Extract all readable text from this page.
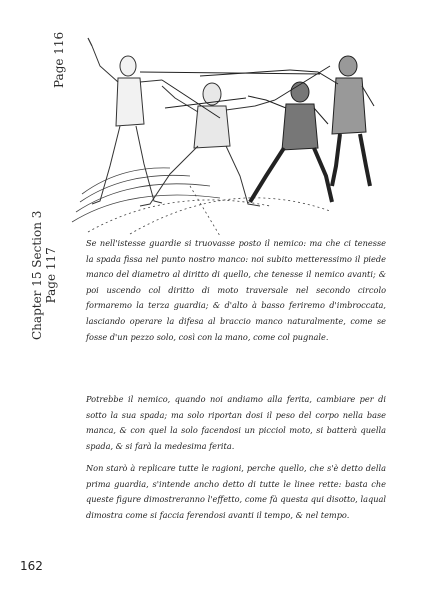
Page 116
Chapter 15 Section 3 Page 117

Se nell'istesse guardie si truovasse posto il nemico: ma che ci tenesse la spada fissa nel punto nostro manco: noi subito metteressimo il piede manco del diametro al diritto di quello, che tenesse il nemico avanti; & poi uscendo col diritto di moto traversale nel secondo circolo formaremo la terza guardia; & d'alto à basso feriremo d'imbroccata, lasciando operare la difesa al braccio manco naturalmente, come se fosse d'un pezzo solo, così con la mano, come col pugnale.

Potrebbe il nemico, quando noi andiamo alla ferita, cambiare per di sotto la sua spada; ma solo riportan dosi il peso del corpo nella base manca, & con quel la solo facendosi un picciol moto, si batterà quella spada, & si farà la medesima ferita.

Non starò à replicare tutte le ragioni, perche quello, che s'è detto della prima guardia, s'intende ancho detto di tutte le linee rette: basta che queste figure dimostreranno l'effetto, come fà questa qui disotto, laqual dimostra come si faccia ferendosi avanti il tempo, & nel tempo.

162
